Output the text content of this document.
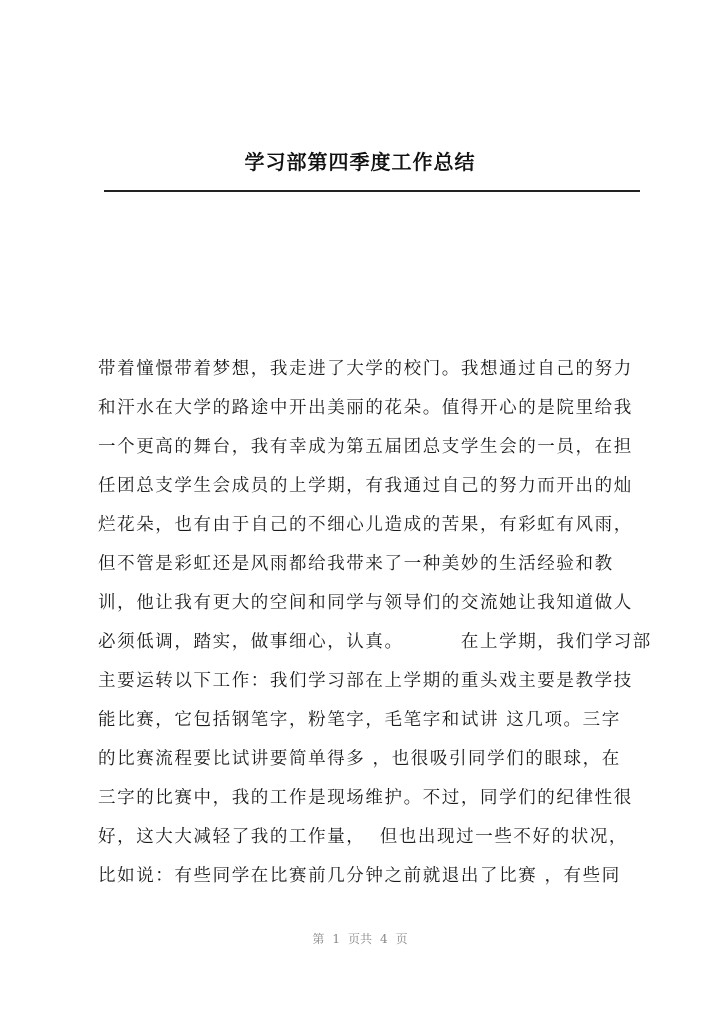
学习部第四季度工作总结
带着憧憬带着梦想，我走进了大学的校门。我想通过自己的努力
和汗水在大学的路途中开出美丽的花朵。值得开心的是院里给我
一个更高的舞台，我有幸成为第五届团总支学生会的一员，在担
任团总支学生会成员的上学期，有我通过自己的努力而开出的灿
烂花朵，也有由于自己的不细心儿造成的苦果，有彩虹有风雨，
但不管是彩虹还是风雨都给我带来了一种美妙的生活经验和教
训，他让我有更大的空间和同学与领导们的交流她让我知道做人
必须低调，踏实，做事细心，认真。        在上学期，我们学习部
主要运转以下工作：我们学习部在上学期的重头戏主要是教学技
能比赛，它包括钢笔字，粉笔字，毛笔字和试讲 这几项。三字
的比赛流程要比试讲要简单得多 ，也很吸引同学们的眼球，在
三字的比赛中，我的工作是现场维护。不过，同学们的纪律性很
好，这大大减轻了我的工作量，  但也出现过一些不好的状况，
比如说：有些同学在比赛前几分钟之前就退出了比赛 ，有些同
第 1 页共 4 页
